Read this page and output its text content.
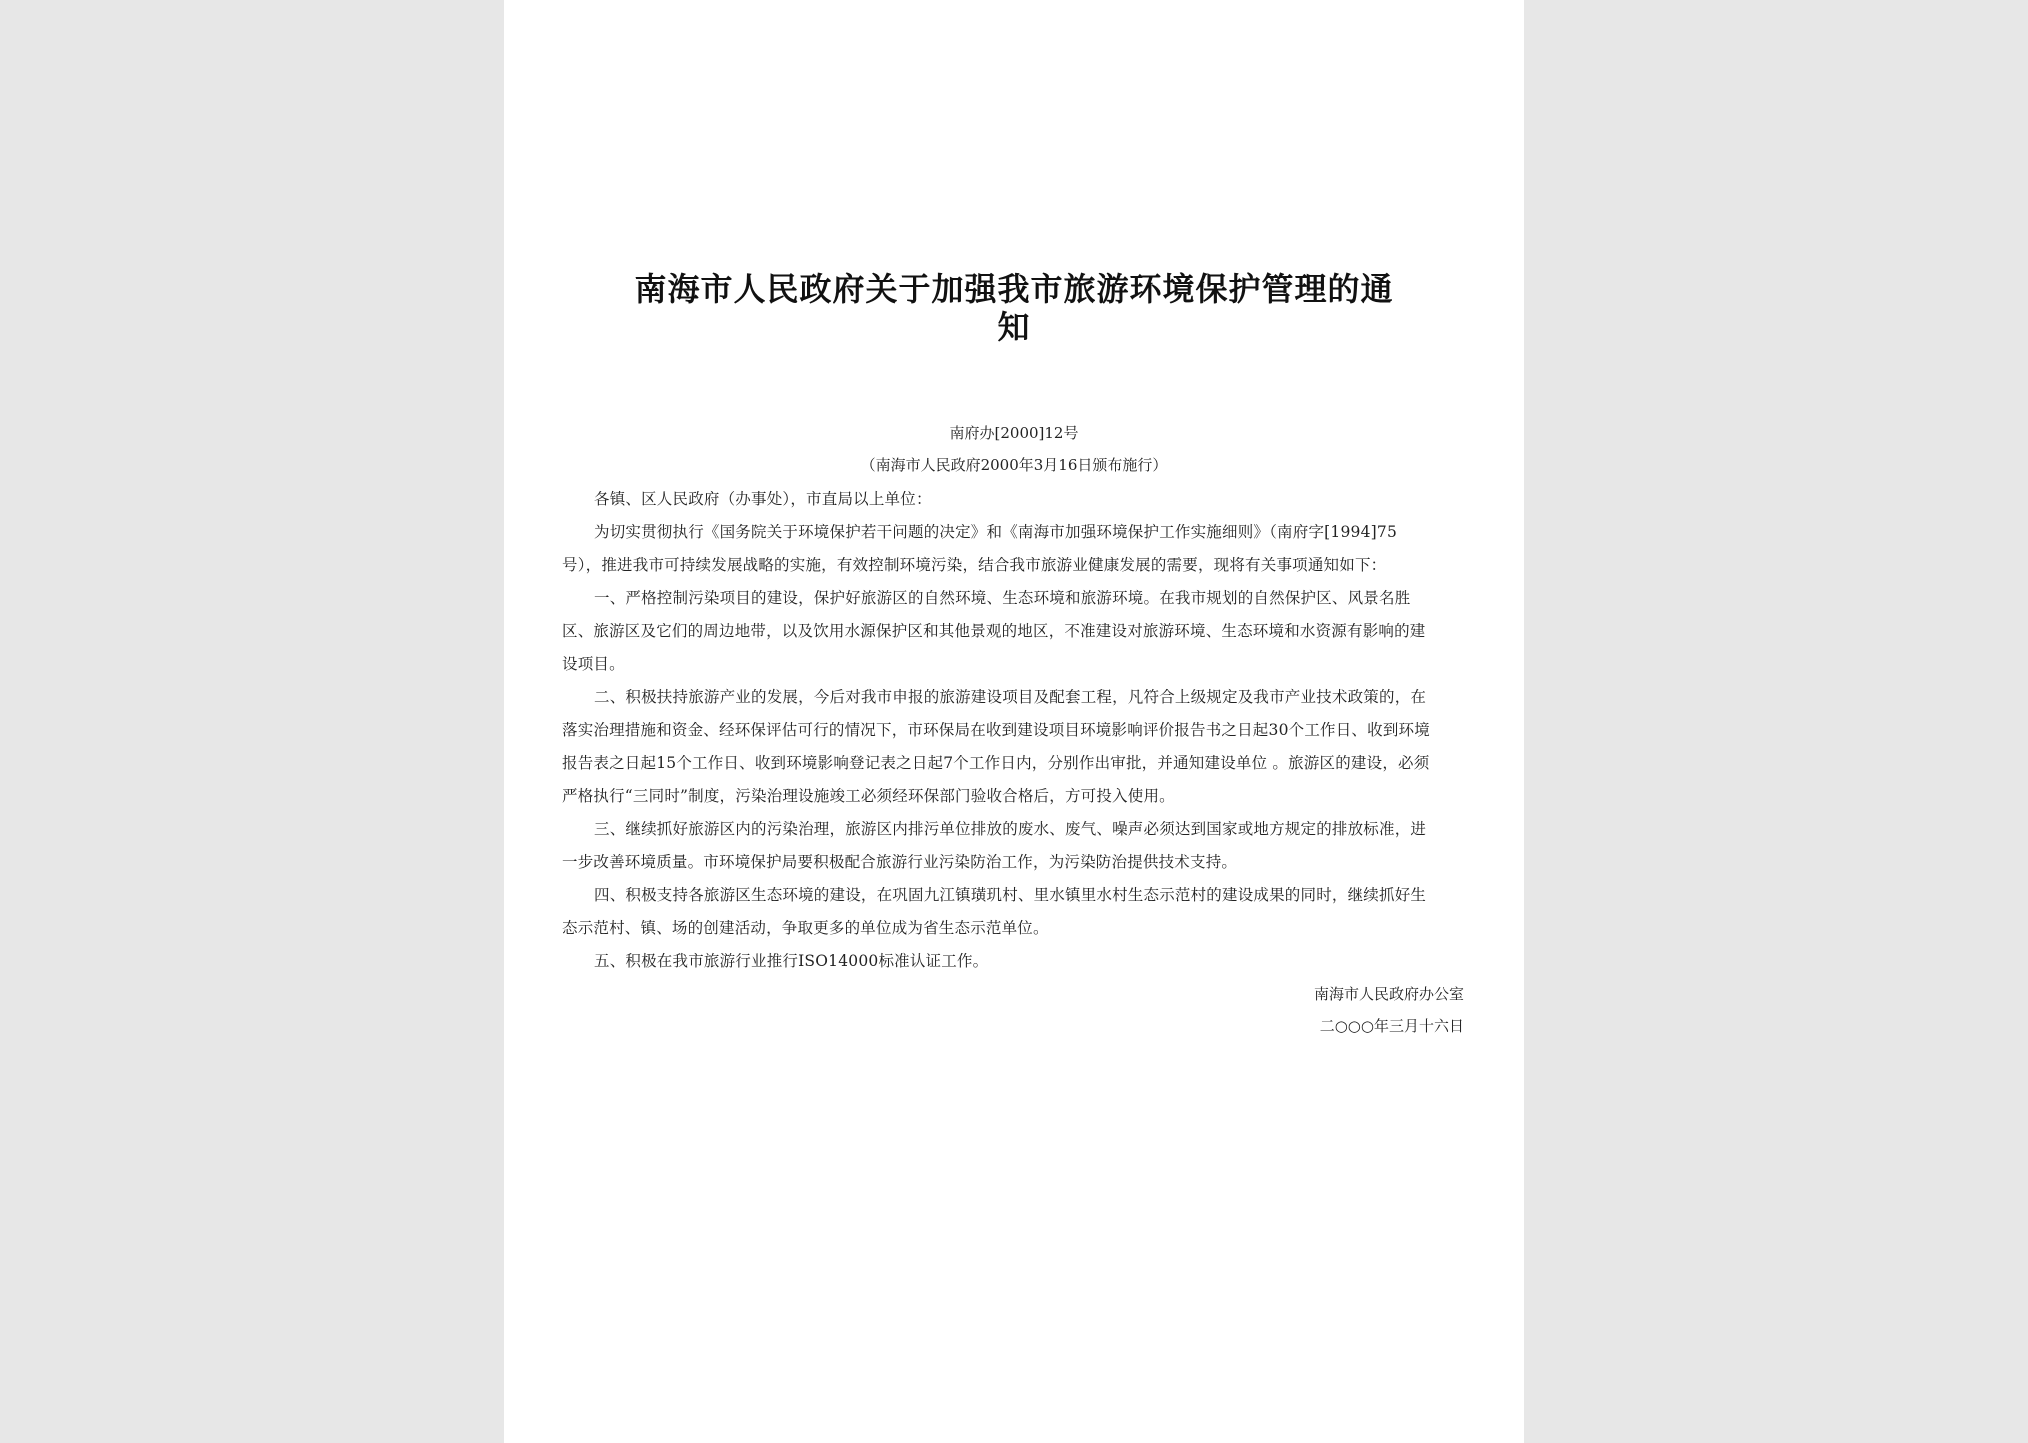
南海市人民政府关于加强我市旅游环境保护管理的通
知
南府办[2000]12号
（南海市人民政府2000年3月16日颁布施行）
各镇、区人民政府（办事处），市直局以上单位：
为切实贯彻执行《国务院关于环境保护若干问题的决定》和《南海市加强环境保护工作实施细则》（南府字[1994]75
号），推进我市可持续发展战略的实施，有效控制环境污染，结合我市旅游业健康发展的需要，现将有关事项通知如下：
一、严格控制污染项目的建设，保护好旅游区的自然环境、生态环境和旅游环境。在我市规划的自然保护区、风景名胜
区、旅游区及它们的周边地带，以及饮用水源保护区和其他景观的地区，不准建设对旅游环境、生态环境和水资源有影响的建
设项目。
二、积极扶持旅游产业的发展，今后对我市申报的旅游建设项目及配套工程，凡符合上级规定及我市产业技术政策的，在
落实治理措施和资金、经环保评估可行的情况下，市环保局在收到建设项目环境影响评价报告书之日起30个工作日、收到环境
报告表之日起15个工作日、收到环境影响登记表之日起7个工作日内，分别作出审批，并通知建设单位 。旅游区的建设，必须
严格执行“三同时”制度，污染治理设施竣工必须经环保部门验收合格后，方可投入使用。
三、继续抓好旅游区内的污染治理，旅游区内排污单位排放的废水、废气、噪声必须达到国家或地方规定的排放标准，进
一步改善环境质量。市环境保护局要积极配合旅游行业污染防治工作，为污染防治提供技术支持。
四、积极支持各旅游区生态环境的建设，在巩固九江镇璜玑村、里水镇里水村生态示范村的建设成果的同时，继续抓好生
态示范村、镇、场的创建活动，争取更多的单位成为省生态示范单位。
五、积极在我市旅游行业推行ISO14000标准认证工作。
南海市人民政府办公室
二○○○年三月十六日
